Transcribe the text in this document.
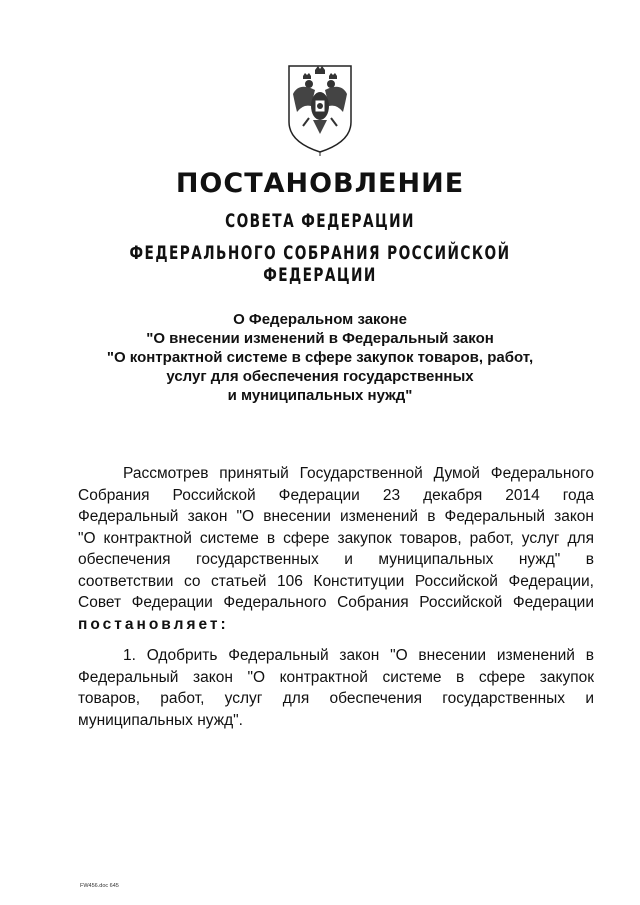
ПОСТАНОВЛЕНИЕ
СОВЕТА ФЕДЕРАЦИИ
ФЕДЕРАЛЬНОГО СОБРАНИЯ РОССИЙСКОЙ ФЕДЕРАЦИИ
О Федеральном законе
"О внесении изменений в Федеральный закон
"О контрактной системе в сфере закупок товаров, работ,
услуг для обеспечения государственных
и муниципальных нужд"
Рассмотрев принятый Государственной Думой Федерального
Собрания Российской Федерации 23 декабря 2014 года
Федеральный закон "О внесении изменений в Федеральный закон
"О контрактной системе в сфере закупок товаров, работ, услуг для
обеспечения государственных и муниципальных нужд" в
соответствии со статьей 106 Конституции Российской Федерации,
Совет Федерации Федерального Собрания Российской Федерации
постановляет:
1. Одобрить Федеральный закон "О внесении изменений в
Федеральный закон "О контрактной системе в сфере закупок
товаров, работ, услуг для обеспечения государственных и
муниципальных нужд".
FW456.doc 645
